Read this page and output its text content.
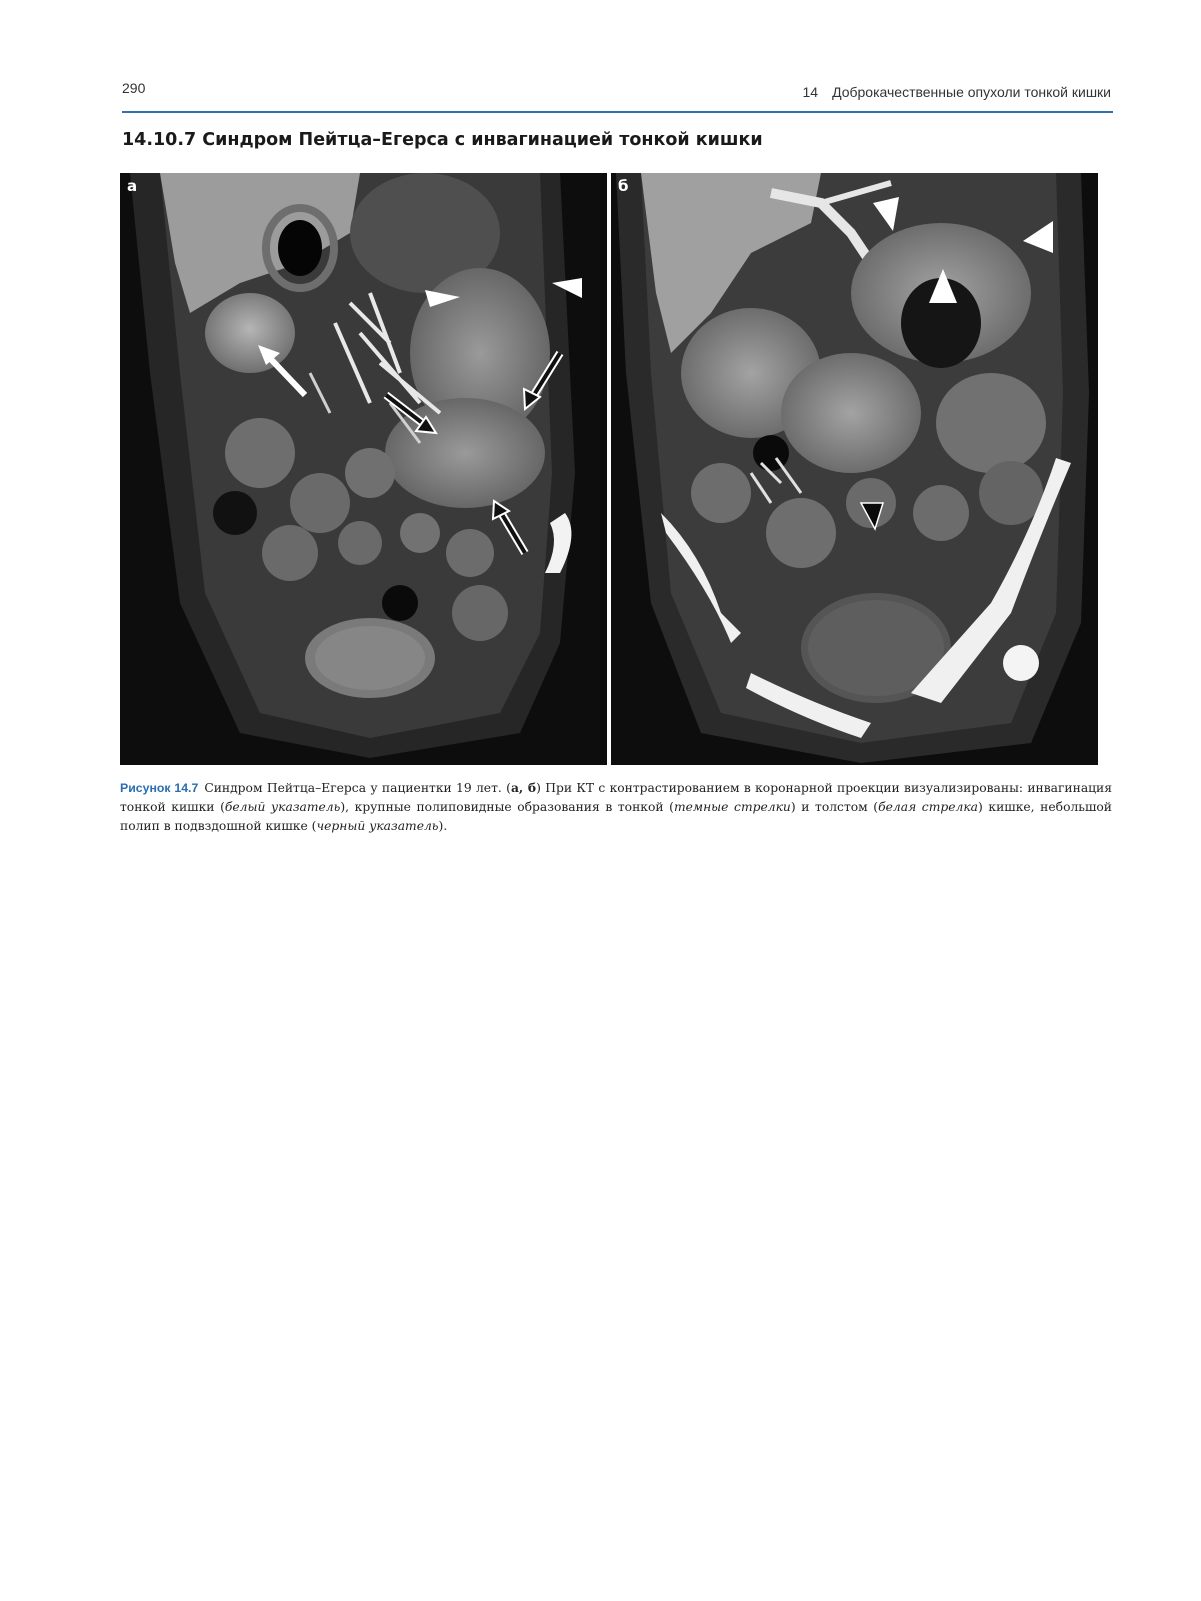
290	14 Доброкачественные опухоли тонкой кишки
14.10.7 Синдром Пейтца–Егерса с инвагинацией тонкой кишки
а	б
Рисунок 14.7 Синдром Пейтца–Егерса у пациентки 19 лет. (а, б) При КТ с контрастированием в коронарной проекции визуализированы: инвагинация тонкой кишки (белый указатель), крупные полиповидные образования в тонкой (темные стрелки) и толстом (белая стрелка) кишке, небольшой полип в подвздошной кишке (черный указатель).
